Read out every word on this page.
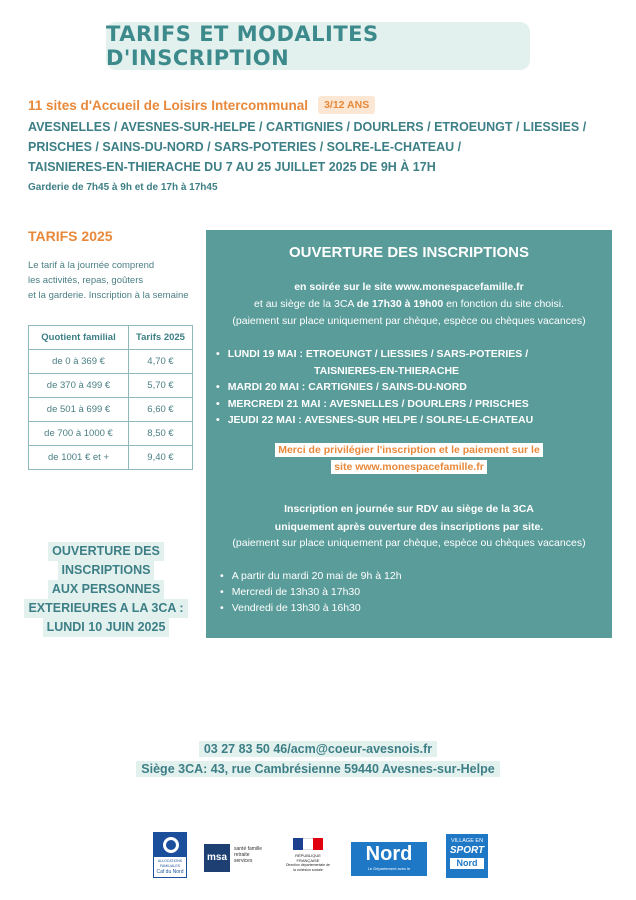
TARIFS ET MODALITES D'INSCRIPTION
11 sites d'Accueil de Loisirs Intercommunal	3/12 ANS
AVESNELLES / AVESNES-SUR-HELPE / CARTIGNIES / DOURLERS / ETROEUNGT / LIESSIES /
PRISCHES / SAINS-DU-NORD / SARS-POTERIES / SOLRE-LE-CHATEAU /
TAISNIERES-EN-THIERACHE DU 7 AU 25 JUILLET 2025 DE 9H À 17H
Garderie de 7h45 à 9h et de 17h à 17h45
TARIFS 2025
Le tarif à la journée comprend
les activités, repas, goûters
et la garderie. Inscription à la semaine
Quotient familial	Tarifs 2025
de 0 à 369 €	4,70 €
de 370 à 499 €	5,70 €
de 501 à 699 €	6,60 €
de 700 à 1000 €	8,50 €
de 1001 € et +	9,40 €
OUVERTURE DES
INSCRIPTIONS
AUX PERSONNES
EXTERIEURES A LA 3CA :
LUNDI 10 JUIN 2025
OUVERTURE DES INSCRIPTIONS
en soirée sur le site www.monespacefamille.fr
et au siège de la 3CA de 17h30 à 19h00 en fonction du site choisi.
(paiement sur place uniquement par chèque, espèce ou chèques vacances)
• LUNDI 19 MAI : ETROEUNGT / LIESSIES / SARS-POTERIES /
TAISNIERES-EN-THIERACHE
• MARDI 20 MAI : CARTIGNIES / SAINS-DU-NORD
• MERCREDI 21 MAI : AVESNELLES / DOURLERS / PRISCHES
• JEUDI 22 MAI : AVESNES-SUR HELPE / SOLRE-LE-CHATEAU
Merci de privilégier l'inscription et le paiement sur le
site www.monespacefamille.fr
Inscription en journée sur RDV au siège de la 3CA
uniquement après ouverture des inscriptions par site.
(paiement sur place uniquement par chèque, espèce ou chèques vacances)
• A partir du mardi 20 mai de 9h à 12h
• Mercredi de 13h30 à 17h30
• Vendredi de 13h30 à 16h30
03 27 83 50 46/acm@coeur-avesnois.fr
Siège 3CA: 43, rue Cambrésienne 59440 Avesnes-sur-Helpe
ALLOCATIONS FAMILIALES
Caf du Nord
msa
santé famille retraite services
RÉPUBLIQUE FRANÇAISE
Direction départementale de la cohésion sociale
Nord
Le Département avec le
VILLAGE EN
SPORT
Nord
